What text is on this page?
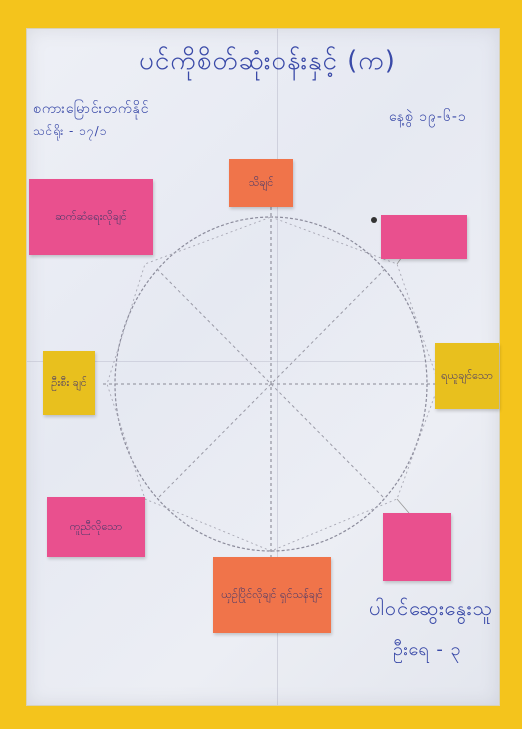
ပင်ကိုစိတ်ဆုံးဝန်းနှင့် (က)
စကားမြောင်းတက်နိုင်
သင်ရိုး - ၁၇/၁
နေ့စွဲ ၁၉-၆-၁
ပါဝင်ဆွေးနွေးသူ
ဦးရေ - ၃
သိချင်
ဆက်ဆံရေးလိုချင်
ဦးစီး ချင်
ရယူချင်သော
ကူညီလိုသော
ယှဉ်ပြိုင်လိုချင် ရှင်သန်ချင်
